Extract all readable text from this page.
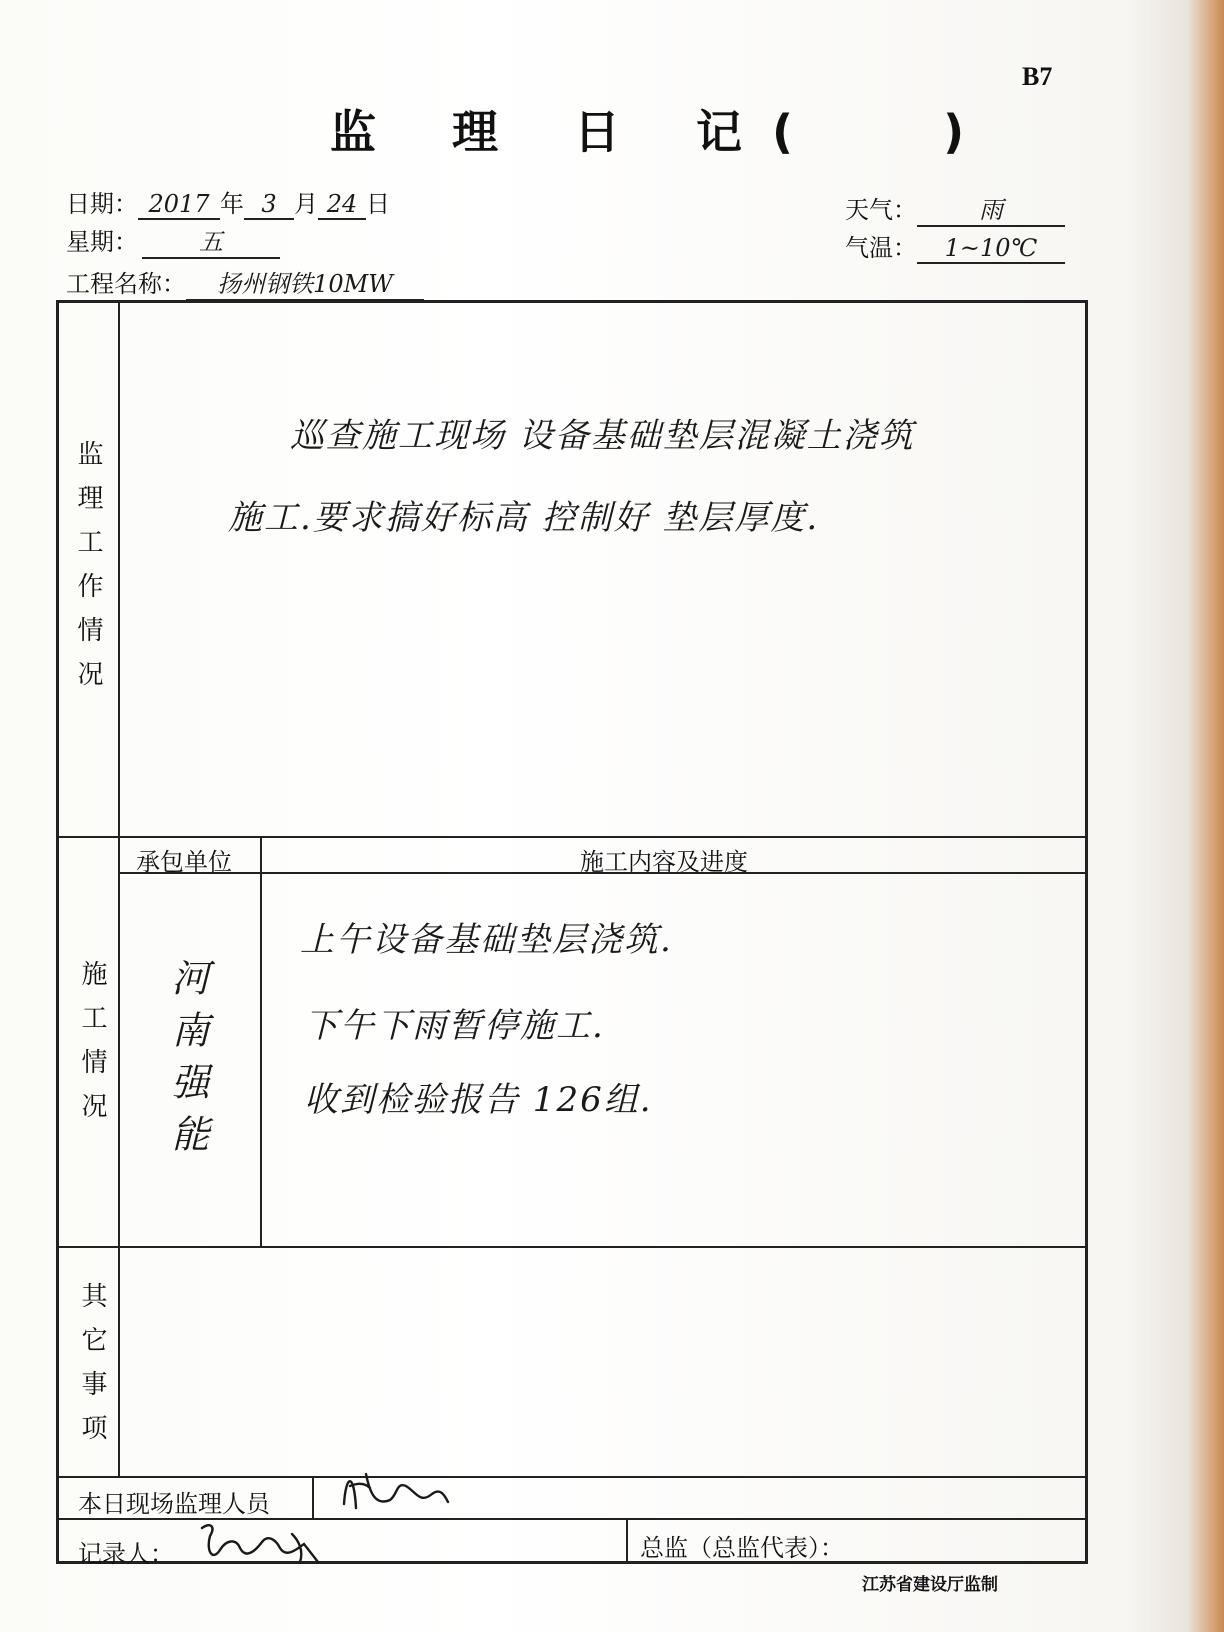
B7
监 理 日 记(	)
日期： 2017 年 3 月 24 日
星期：	五
工程名称： 扬州钢铁10MW
天气：	雨
气温： 1~10℃
监理工作情况
巡查施工现场 设备基础垫层混凝土浇筑
施工.要求搞好标高 控制好 垫层厚度.
施工情况
承包单位	施工内容及进度
河南强能
上午设备基础垫层浇筑.
下午下雨暂停施工.
收到检验报告 126组.
其它事项
本日现场监理人员
记录人：	总监（总监代表）：
江苏省建设厅监制
